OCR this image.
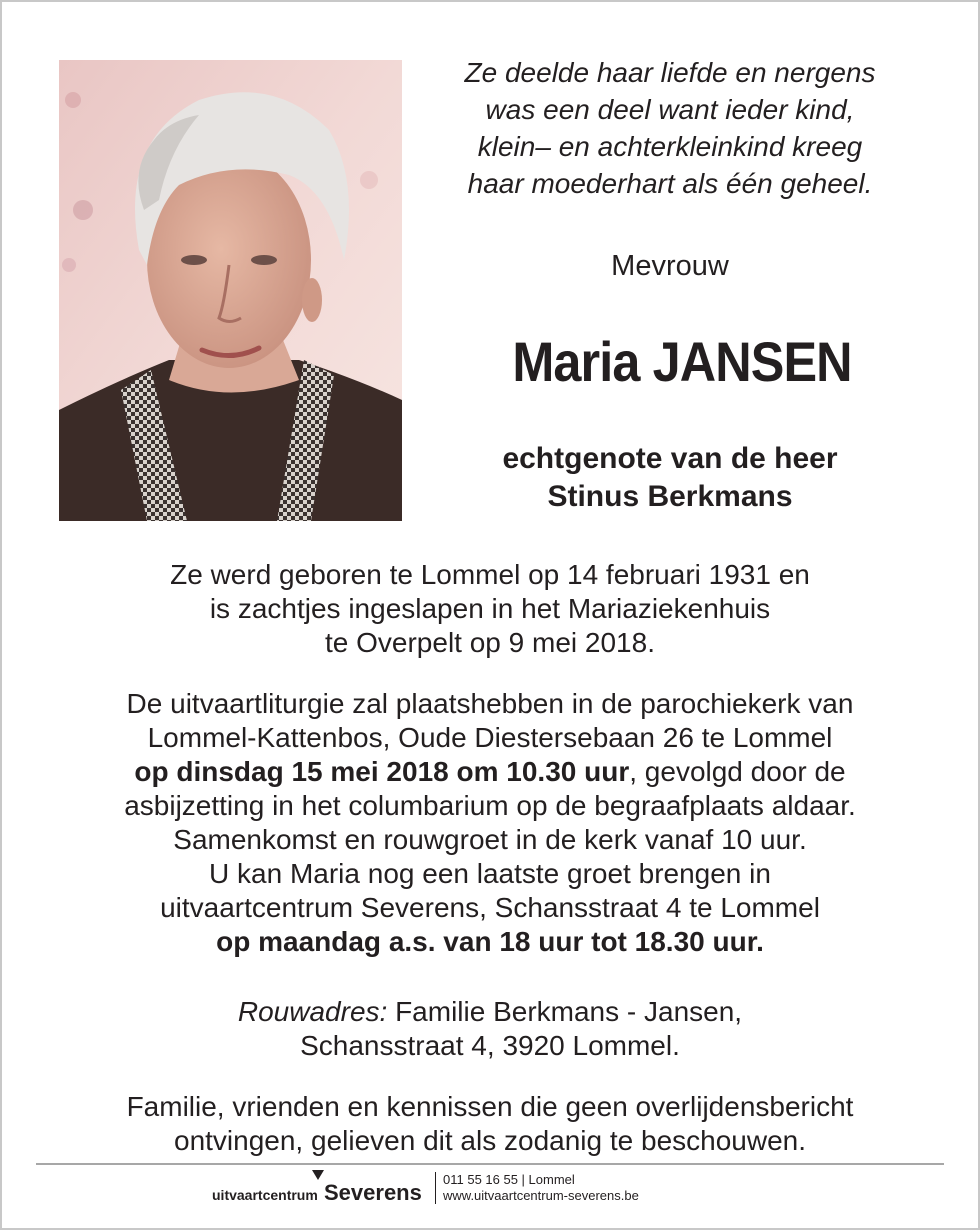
Ze deelde haar liefde en nergens
was een deel want ieder kind,
klein– en achterkleinkind kreeg
haar moederhart als één geheel.
Mevrouw
Maria JANSEN
echtgenote van de heer
Stinus Berkmans
Ze werd geboren te Lommel op 14 februari 1931 en
is zachtjes ingeslapen in het Mariaziekenhuis
te Overpelt op 9 mei 2018.
De uitvaartliturgie zal plaatshebben in de parochiekerk van
Lommel-Kattenbos, Oude Diestersebaan 26 te Lommel
op dinsdag 15 mei 2018 om 10.30 uur, gevolgd door de
asbijzetting in het columbarium op de begraafplaats aldaar.
Samenkomst en rouwgroet in de kerk vanaf 10 uur.
U kan Maria nog een laatste groet brengen in
uitvaartcentrum Severens, Schansstraat 4 te Lommel
op maandag a.s. van 18 uur tot 18.30 uur.
Rouwadres: Familie Berkmans - Jansen,
Schansstraat 4, 3920 Lommel.
Familie, vrienden en kennissen die geen overlijdensbericht
ontvingen, gelieven dit als zodanig te beschouwen.
uitvaartcentrum Severens
011 55 16 55 | Lommel
www.uitvaartcentrum-severens.be
